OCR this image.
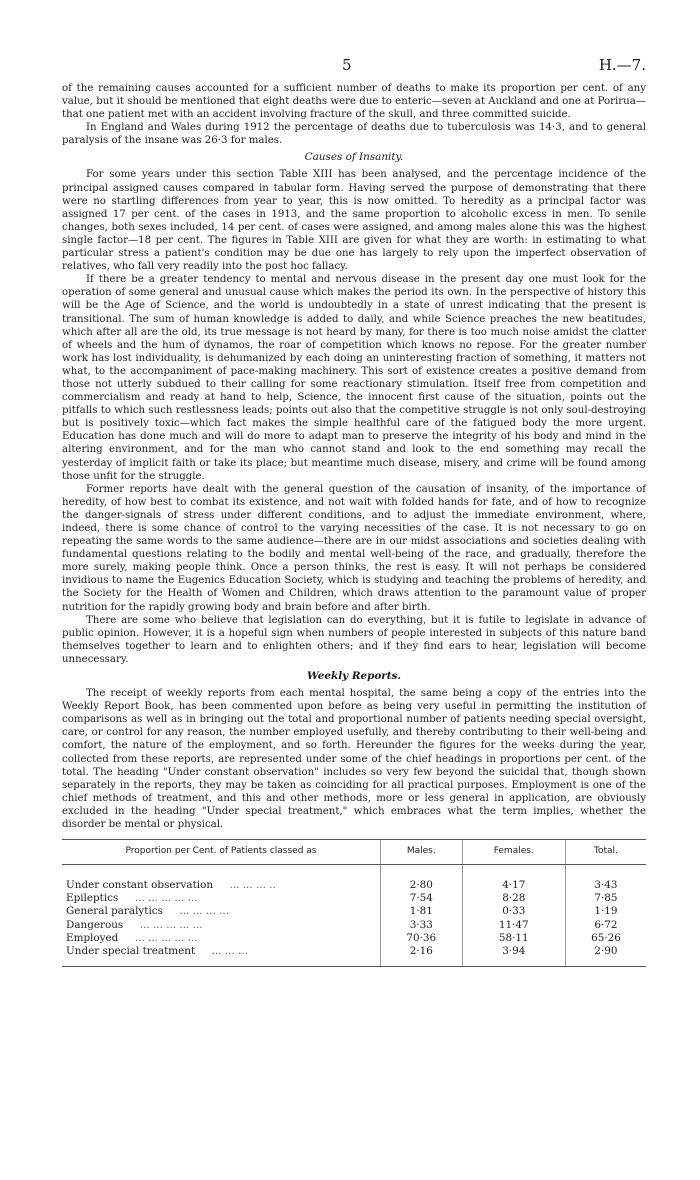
5	H.—7.

of the remaining causes accounted for a sufficient number of deaths to make its proportion per cent. of any value, but it should be mentioned that eight deaths were due to enteric—seven at Auckland and one at Porirua—that one patient met with an accident involving fracture of the skull, and three committed suicide.

In England and Wales during 1912 the percentage of deaths due to tuberculosis was 14·3, and to general paralysis of the insane was 26·3 for males.

Causes of Insanity.

For some years under this section Table XIII has been analysed, and the percentage incidence of the principal assigned causes compared in tabular form. Having served the purpose of demonstrating that there were no startling differences from year to year, this is now omitted. To heredity as a principal factor was assigned 17 per cent. of the cases in 1913, and the same proportion to alcoholic excess in men. To senile changes, both sexes included, 14 per cent. of cases were assigned, and among males alone this was the highest single factor—18 per cent. The figures in Table XIII are given for what they are worth: in estimating to what particular stress a patient's condition may be due one has largely to rely upon the imperfect observation of relatives, who fall very readily into the post hoc fallacy.

If there be a greater tendency to mental and nervous disease in the present day one must look for the operation of some general and unusual cause which makes the period its own. In the perspective of history this will be the Age of Science, and the world is undoubtedly in a state of unrest indicating that the present is transitional. The sum of human knowledge is added to daily, and while Science preaches the new beatitudes, which after all are the old, its true message is not heard by many, for there is too much noise amidst the clatter of wheels and the hum of dynamos, the roar of competition which knows no repose. For the greater number work has lost individuality, is dehumanized by each doing an uninteresting fraction of something, it matters not what, to the accompaniment of pace-making machinery. This sort of existence creates a positive demand from those not utterly subdued to their calling for some reactionary stimulation. Itself free from competition and commercialism and ready at hand to help, Science, the innocent first cause of the situation, points out the pitfalls to which such restlessness leads; points out also that the competitive struggle is not only soul-destroying but is positively toxic—which fact makes the simple healthful care of the fatigued body the more urgent. Education has done much and will do more to adapt man to preserve the integrity of his body and mind in the altering environment, and for the man who cannot stand and look to the end something may recall the yesterday of implicit faith or take its place; but meantime much disease, misery, and crime will be found among those unfit for the struggle.

Former reports have dealt with the general question of the causation of insanity, of the importance of heredity, of how best to combat its existence, and not wait with folded hands for fate, and of how to recognize the danger-signals of stress under different conditions, and to adjust the immediate environment, where, indeed, there is some chance of control to the varying necessities of the case. It is not necessary to go on repeating the same words to the same audience—there are in our midst associations and societies dealing with fundamental questions relating to the bodily and mental well-being of the race, and gradually, therefore the more surely, making people think. Once a person thinks, the rest is easy. It will not perhaps be considered invidious to name the Eugenics Education Society, which is studying and teaching the problems of heredity, and the Society for the Health of Women and Children, which draws attention to the paramount value of proper nutrition for the rapidly growing body and brain before and after birth.

There are some who believe that legislation can do everything, but it is futile to legislate in advance of public opinion. However, it is a hopeful sign when numbers of people interested in subjects of this nature band themselves together to learn and to enlighten others; and if they find ears to hear, legislation will become unnecessary.

Weekly Reports.

The receipt of weekly reports from each mental hospital, the same being a copy of the entries into the Weekly Report Book, has been commented upon before as being very useful in permitting the institution of comparisons as well as in bringing out the total and proportional number of patients needing special oversight, care, or control for any reason, the number employed usefully, and thereby contributing to their well-being and comfort, the nature of the employment, and so forth. Hereunder the figures for the weeks during the year, collected from these reports, are represented under some of the chief headings in proportions per cent. of the total. The heading "Under constant observation" includes so very few beyond the suicidal that, though shown separately in the reports, they may be taken as coinciding for all practical purposes. Employment is one of the chief methods of treatment, and this and other methods, more or less general in application, are obviously excluded in the heading "Under special treatment," which embraces what the term implies, whether the disorder be mental or physical.

Proportion per Cent. of Patients classed as	Males.	Females.	Total.
Under constant observation ... ... ... ..	2·80	4·17	3·43
Epileptics ... ... ... ... ...	7·54	8·28	7·85
General paralytics ... ... ... ...	1·81	0·33	1·19
Dangerous ... ... ... ... ...	3·33	11·47	6·72
Employed ... ... ... ... ...	70·36	58·11	65·26
Under special treatment ... ... ...	2·16	3·94	2·90
